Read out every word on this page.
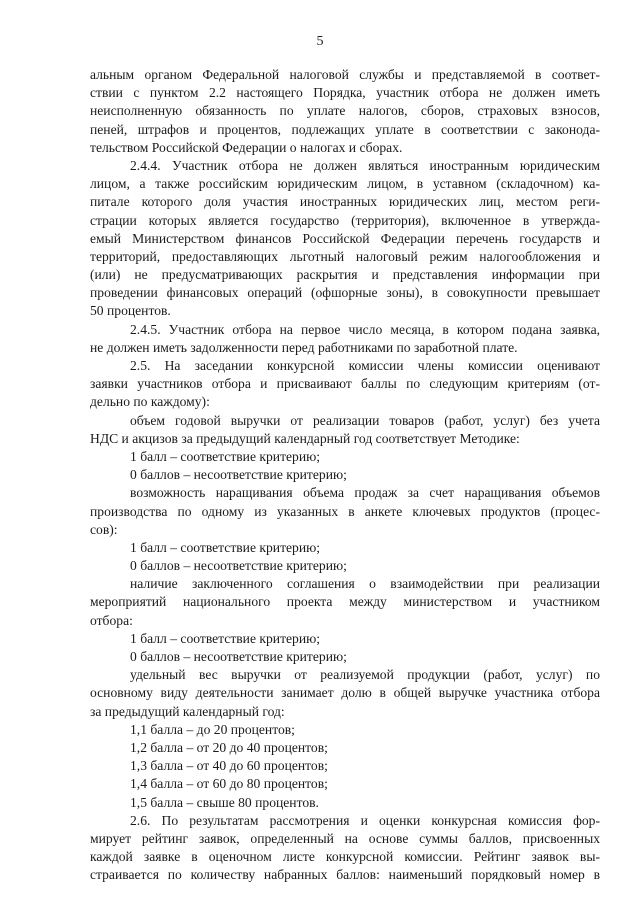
5
альным органом Федеральной налоговой службы и представляемой в соответ-
ствии с пунктом 2.2 настоящего Порядка, участник отбора не должен иметь
неисполненную обязанность по уплате налогов, сборов, страховых взносов,
пеней, штрафов и процентов, подлежащих уплате в соответствии с законода-
тельством Российской Федерации о налогах и сборах.
2.4.4. Участник отбора не должен являться иностранным юридическим
лицом, а также российским юридическим лицом, в уставном (складочном) ка-
питале которого доля участия иностранных юридических лиц, местом реги-
страции которых является государство (территория), включенное в утвержда-
емый Министерством финансов Российской Федерации перечень государств и
территорий, предоставляющих льготный налоговый режим налогообложения и
(или) не предусматривающих раскрытия и представления информации при
проведении финансовых операций (офшорные зоны), в совокупности превышает
50 процентов.
2.4.5. Участник отбора на первое число месяца, в котором подана заявка,
не должен иметь задолженности перед работниками по заработной плате.
2.5. На заседании конкурсной комиссии члены комиссии оценивают
заявки участников отбора и присваивают баллы по следующим критериям (от-
дельно по каждому):
объем годовой выручки от реализации товаров (работ, услуг) без учета
НДС и акцизов за предыдущий календарный год соответствует Методике:
1 балл – соответствие критерию;
0 баллов – несоответствие критерию;
возможность наращивания объема продаж за счет наращивания объемов
производства по одному из указанных в анкете ключевых продуктов (процес-
сов):
1 балл – соответствие критерию;
0 баллов – несоответствие критерию;
наличие заключенного соглашения о взаимодействии при реализации
мероприятий национального проекта между министерством и участником
отбора:
1 балл – соответствие критерию;
0 баллов – несоответствие критерию;
удельный вес выручки от реализуемой продукции (работ, услуг) по
основному виду деятельности занимает долю в общей выручке участника отбора
за предыдущий календарный год:
1,1 балла – до 20 процентов;
1,2 балла – от 20 до 40 процентов;
1,3 балла – от 40 до 60 процентов;
1,4 балла – от 60 до 80 процентов;
1,5 балла – свыше 80 процентов.
2.6. По результатам рассмотрения и оценки конкурсная комиссия фор-
мирует рейтинг заявок, определенный на основе суммы баллов, присвоенных
каждой заявке в оценочном листе конкурсной комиссии. Рейтинг заявок вы-
страивается по количеству набранных баллов: наименьший порядковый номер в
